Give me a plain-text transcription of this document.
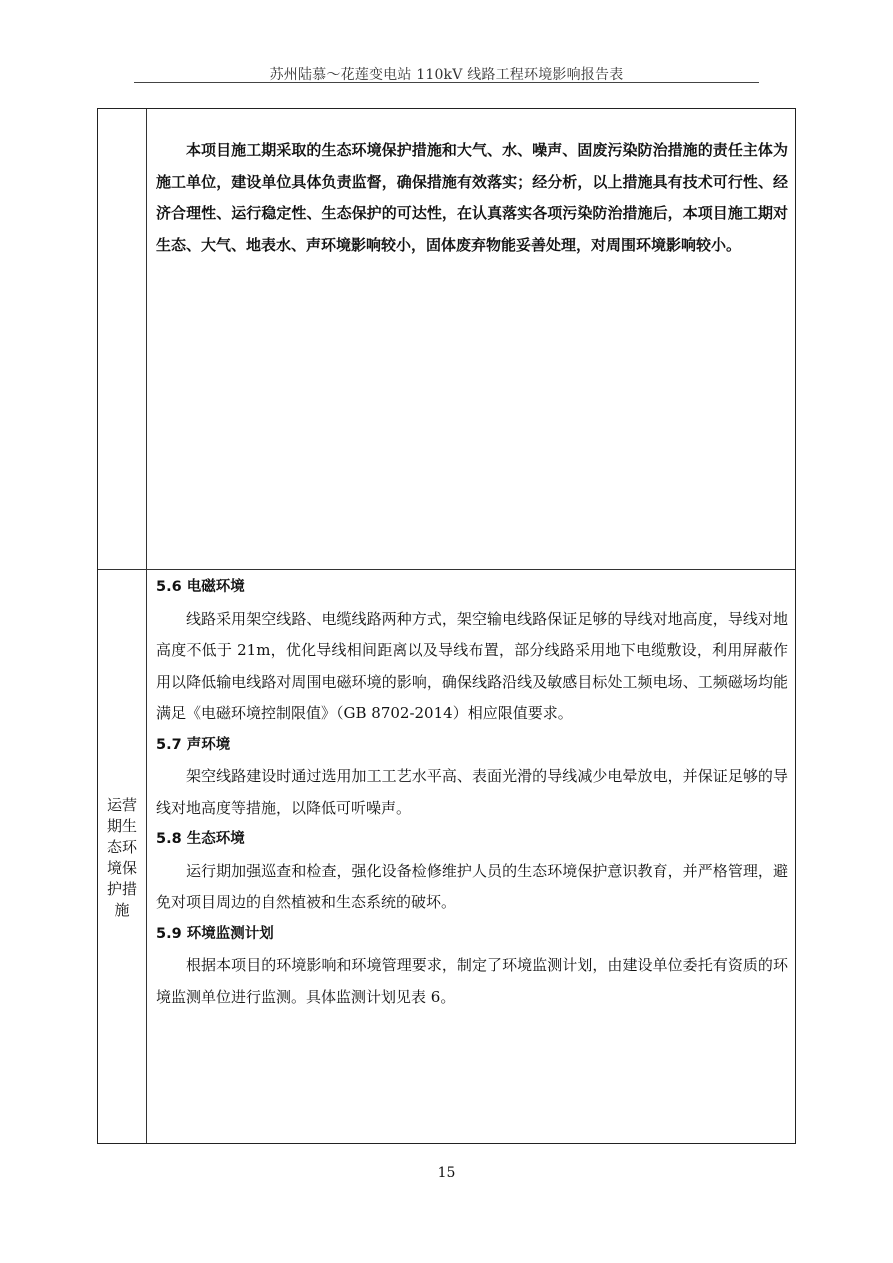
苏州陆慕～花莲变电站 110kV 线路工程环境影响报告表
本项目施工期采取的生态环境保护措施和大气、水、噪声、固废污染防治措施的责任主体为施工单位，建设单位具体负责监督，确保措施有效落实；经分析，以上措施具有技术可行性、经济合理性、运行稳定性、生态保护的可达性，在认真落实各项污染防治措施后，本项目施工期对生态、大气、地表水、声环境影响较小，固体废弃物能妥善处理，对周围环境影响较小。
运营
期生
态环
境保
护措
施
5.6 电磁环境
线路采用架空线路、电缆线路两种方式，架空输电线路保证足够的导线对地高度，导线对地高度不低于 21m，优化导线相间距离以及导线布置，部分线路采用地下电缆敷设，利用屏蔽作用以降低输电线路对周围电磁环境的影响，确保线路沿线及敏感目标处工频电场、工频磁场均能满足《电磁环境控制限值》（GB 8702-2014）相应限值要求。
5.7 声环境
架空线路建设时通过选用加工工艺水平高、表面光滑的导线减少电晕放电，并保证足够的导线对地高度等措施，以降低可听噪声。
5.8 生态环境
运行期加强巡查和检查，强化设备检修维护人员的生态环境保护意识教育，并严格管理，避免对项目周边的自然植被和生态系统的破坏。
5.9 环境监测计划
根据本项目的环境影响和环境管理要求，制定了环境监测计划，由建设单位委托有资质的环境监测单位进行监测。具体监测计划见表 6。
15
